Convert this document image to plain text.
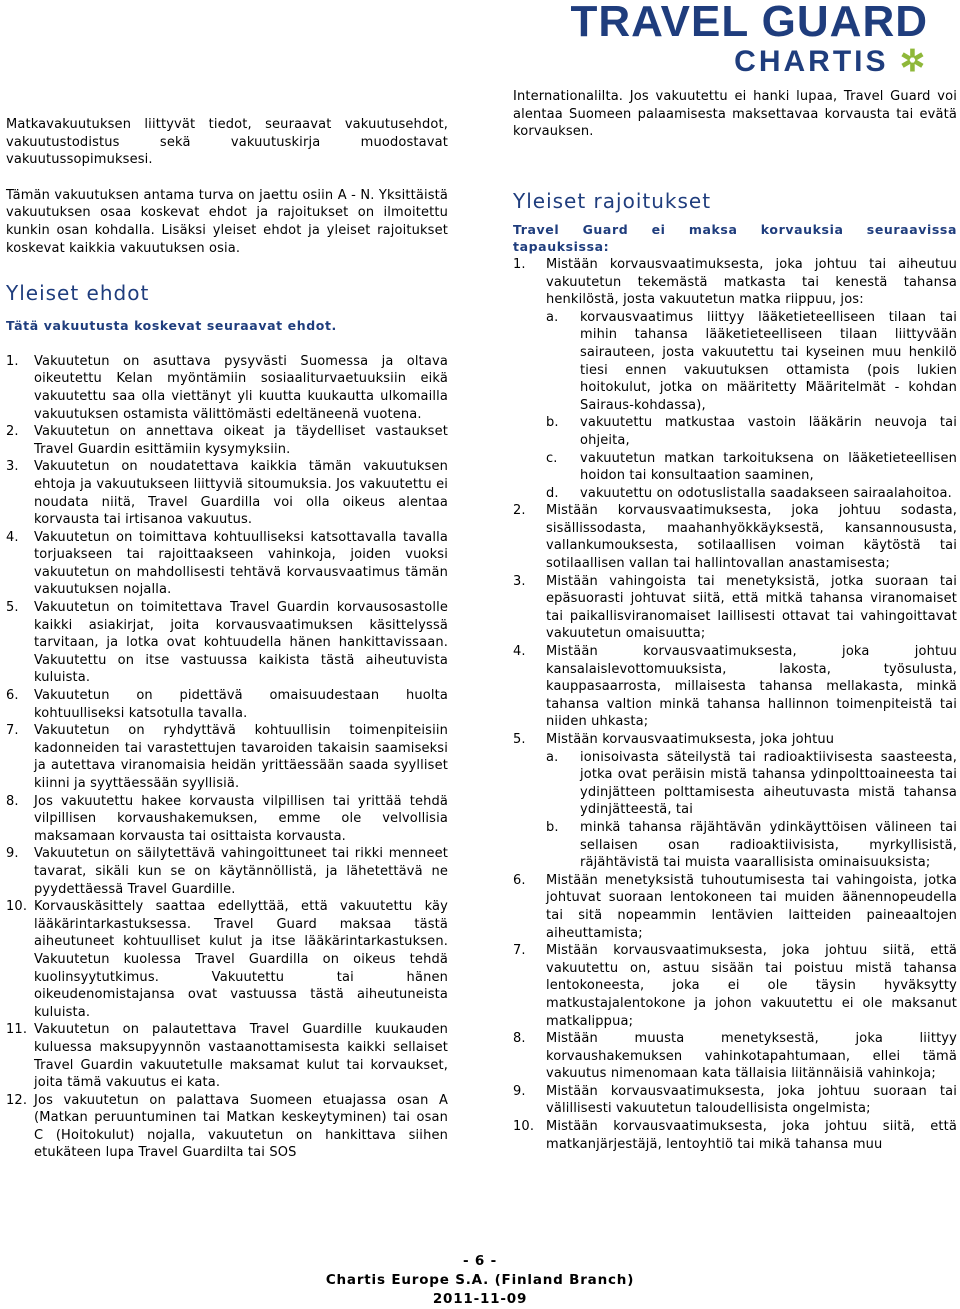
TRAVEL GUARD
CHARTIS ✲

Matkavakuutuksen liittyvät tiedot, seuraavat vakuutusehdot, vakuutustodistus sekä vakuutuskirja muodostavat vakuutussopimuksesi.

Tämän vakuutuksen antama turva on jaettu osiin A - N. Yksittäistä vakuutuksen osaa koskevat ehdot ja rajoitukset on ilmoitettu kunkin osan kohdalla. Lisäksi yleiset ehdot ja yleiset rajoitukset koskevat kaikkia vakuutuksen osia.

Yleiset ehdot

Tätä vakuutusta koskevat seuraavat ehdot.

1. Vakuutetun on asuttava pysyvästi Suomessa ja oltava oikeutettu Kelan myöntämiin sosiaaliturvaetuuksiin eikä vakuutettu saa olla viettänyt yli kuutta kuukautta ulkomailla vakuutuksen ostamista välittömästi edeltäneenä vuotena.
2. Vakuutetun on annettava oikeat ja täydelliset vastaukset Travel Guardin esittämiin kysymyksiin.
3. Vakuutetun on noudatettava kaikkia tämän vakuutuksen ehtoja ja vakuutukseen liittyviä sitoumuksia. Jos vakuutettu ei noudata niitä, Travel Guardilla voi olla oikeus alentaa korvausta tai irtisanoa vakuutus.
4. Vakuutetun on toimittava kohtuulliseksi katsottavalla tavalla torjuakseen tai rajoittaakseen vahinkoja, joiden vuoksi vakuutetun on mahdollisesti tehtävä korvausvaatimus tämän vakuutuksen nojalla.
5. Vakuutetun on toimitettava Travel Guardin korvausosastolle kaikki asiakirjat, joita korvausvaatimuksen käsittelyssä tarvitaan, ja lotka ovat kohtuudella hänen hankittavissaan. Vakuutettu on itse vastuussa kaikista tästä aiheutuvista kuluista.
6. Vakuutetun on pidettävä omaisuudestaan huolta kohtuulliseksi katsotulla tavalla.
7. Vakuutetun on ryhdyttävä kohtuullisin toimenpiteisiin kadonneiden tai varastettujen tavaroiden takaisin saamiseksi ja autettava viranomaisia heidän yrittäessään saada syylliset kiinni ja syyttäessään syyllisiä.
8. Jos vakuutettu hakee korvausta vilpillisen tai yrittää tehdä vilpillisen korvaushakemuksen, emme ole velvollisia maksamaan korvausta tai osittaista korvausta.
9. Vakuutetun on säilytettävä vahingoittuneet tai rikki menneet tavarat, sikäli kun se on käytännöllistä, ja lähetettävä ne pyydettäessä Travel Guardille.
10. Korvauskäsittely saattaa edellyttää, että vakuutettu käy lääkärintarkastuksessa. Travel Guard maksaa tästä aiheutuneet kohtuulliset kulut ja itse lääkärintarkastuksen. Vakuutetun kuolessa Travel Guardilla on oikeus tehdä kuolinsyytutkimus. Vakuutettu tai hänen oikeudenomistajansa ovat vastuussa tästä aiheutuneista kuluista.
11. Vakuutetun on palautettava Travel Guardille kuukauden kuluessa maksupyynnön vastaanottamisesta kaikki sellaiset Travel Guardin vakuutetulle maksamat kulut tai korvaukset, joita tämä vakuutus ei kata.
12. Jos vakuutetun on palattava Suomeen etuajassa osan A (Matkan peruuntuminen tai Matkan keskeytyminen) tai osan C (Hoitokulut) nojalla, vakuutetun on hankittava siihen etukäteen lupa Travel Guardilta tai SOS

Internationalilta. Jos vakuutettu ei hanki lupaa, Travel Guard voi alentaa Suomeen palaamisesta maksettavaa korvausta tai evätä korvauksen.

Yleiset rajoitukset

Travel Guard ei maksa korvauksia seuraavissa tapauksissa:

1. Mistään korvausvaatimuksesta, joka johtuu tai aiheutuu vakuutetun tekemästä matkasta tai kenestä tahansa henkilöstä, josta vakuutetun matka riippuu, jos:
a. korvausvaatimus liittyy lääketieteelliseen tilaan tai mihin tahansa lääketieteelliseen tilaan liittyvään sairauteen, josta vakuutettu tai kyseinen muu henkilö tiesi ennen vakuutuksen ottamista (pois lukien hoitokulut, jotka on määritetty Määritelmät - kohdan Sairaus-kohdassa),
b. vakuutettu matkustaa vastoin lääkärin neuvoja tai ohjeita,
c. vakuutetun matkan tarkoituksena on lääketieteellisen hoidon tai konsultaation saaminen,
d. vakuutettu on odotuslistalla saadakseen sairaalahoitoa.
2. Mistään korvausvaatimuksesta, joka johtuu sodasta, sisällissodasta, maahanhyökkäyksestä, kansannoususta, vallankumouksesta, sotilaallisen voiman käytöstä tai sotilaallisen vallan tai hallintovallan anastamisesta;
3. Mistään vahingoista tai menetyksistä, jotka suoraan tai epäsuorasti johtuvat siitä, että mitkä tahansa viranomaiset tai paikallisviranomaiset laillisesti ottavat tai vahingoittavat vakuutetun omaisuutta;
4. Mistään korvausvaatimuksesta, joka johtuu kansalaislevottomuuksista, lakosta, työsulusta, kauppasaarrosta, millaisesta tahansa mellakasta, minkä tahansa valtion minkä tahansa hallinnon toimenpiteistä tai niiden uhkasta;
5. Mistään korvausvaatimuksesta, joka johtuu
a. ionisoivasta säteilystä tai radioaktiivisesta saasteesta, jotka ovat peräisin mistä tahansa ydinpolttoaineesta tai ydinjätteen polttamisesta aiheutuvasta mistä tahansa ydinjätteestä, tai
b. minkä tahansa räjähtävän ydinkäyttöisen välineen tai sellaisen osan radioaktiivisista, myrkyllisistä, räjähtävistä tai muista vaarallisista ominaisuuksista;
6. Mistään menetyksistä tuhoutumisesta tai vahingoista, jotka johtuvat suoraan lentokoneen tai muiden äänennopeudella tai sitä nopeammin lentävien laitteiden paineaaltojen aiheuttamista;
7. Mistään korvausvaatimuksesta, joka johtuu siitä, että vakuutettu on, astuu sisään tai poistuu mistä tahansa lentokoneesta, joka ei ole täysin hyväksytty matkustajalentokone ja johon vakuutettu ei ole maksanut matkalippua;
8. Mistään muusta menetyksestä, joka liittyy korvaushakemuksen vahinkotapahtumaan, ellei tämä vakuutus nimenomaan kata tällaisia liitännäisiä vahinkoja;
9. Mistään korvausvaatimuksesta, joka johtuu suoraan tai välillisesti vakuutetun taloudellisista ongelmista;
10. Mistään korvausvaatimuksesta, joka johtuu siitä, että matkanjärjestäjä, lentoyhtiö tai mikä tahansa muu
- 6 -
Chartis Europe S.A. (Finland Branch)
2011-11-09
